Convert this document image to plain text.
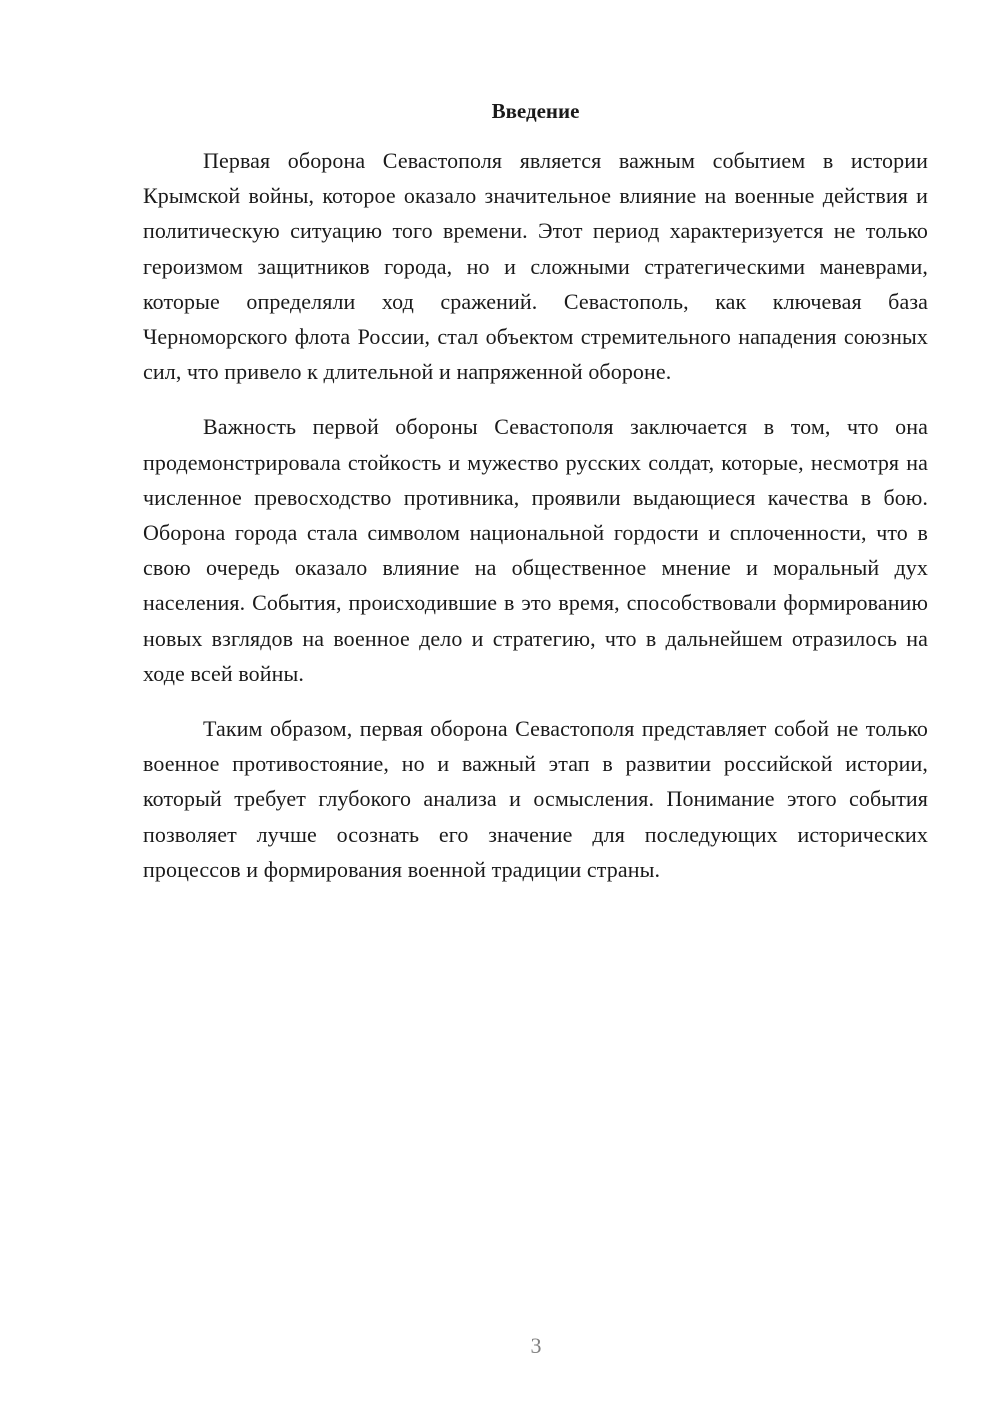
Введение

Первая оборона Севастополя является важным событием в истории Крымской войны, которое оказало значительное влияние на военные действия и политическую ситуацию того времени. Этот период характеризуется не только героизмом защитников города, но и сложными стратегическими маневрами, которые определяли ход сражений. Севастополь, как ключевая база Черноморского флота России, стал объектом стремительного нападения союзных сил, что привело к длительной и напряженной обороне.

Важность первой обороны Севастополя заключается в том, что она продемонстрировала стойкость и мужество русских солдат, которые, несмотря на численное превосходство противника, проявили выдающиеся качества в бою. Оборона города стала символом национальной гордости и сплоченности, что в свою очередь оказало влияние на общественное мнение и моральный дух населения. События, происходившие в это время, способствовали формированию новых взглядов на военное дело и стратегию, что в дальнейшем отразилось на ходе всей войны.

Таким образом, первая оборона Севастополя представляет собой не только военное противостояние, но и важный этап в развитии российской истории, который требует глубокого анализа и осмысления. Понимание этого события позволяет лучше осознать его значение для последующих исторических процессов и формирования военной традиции страны.

3
